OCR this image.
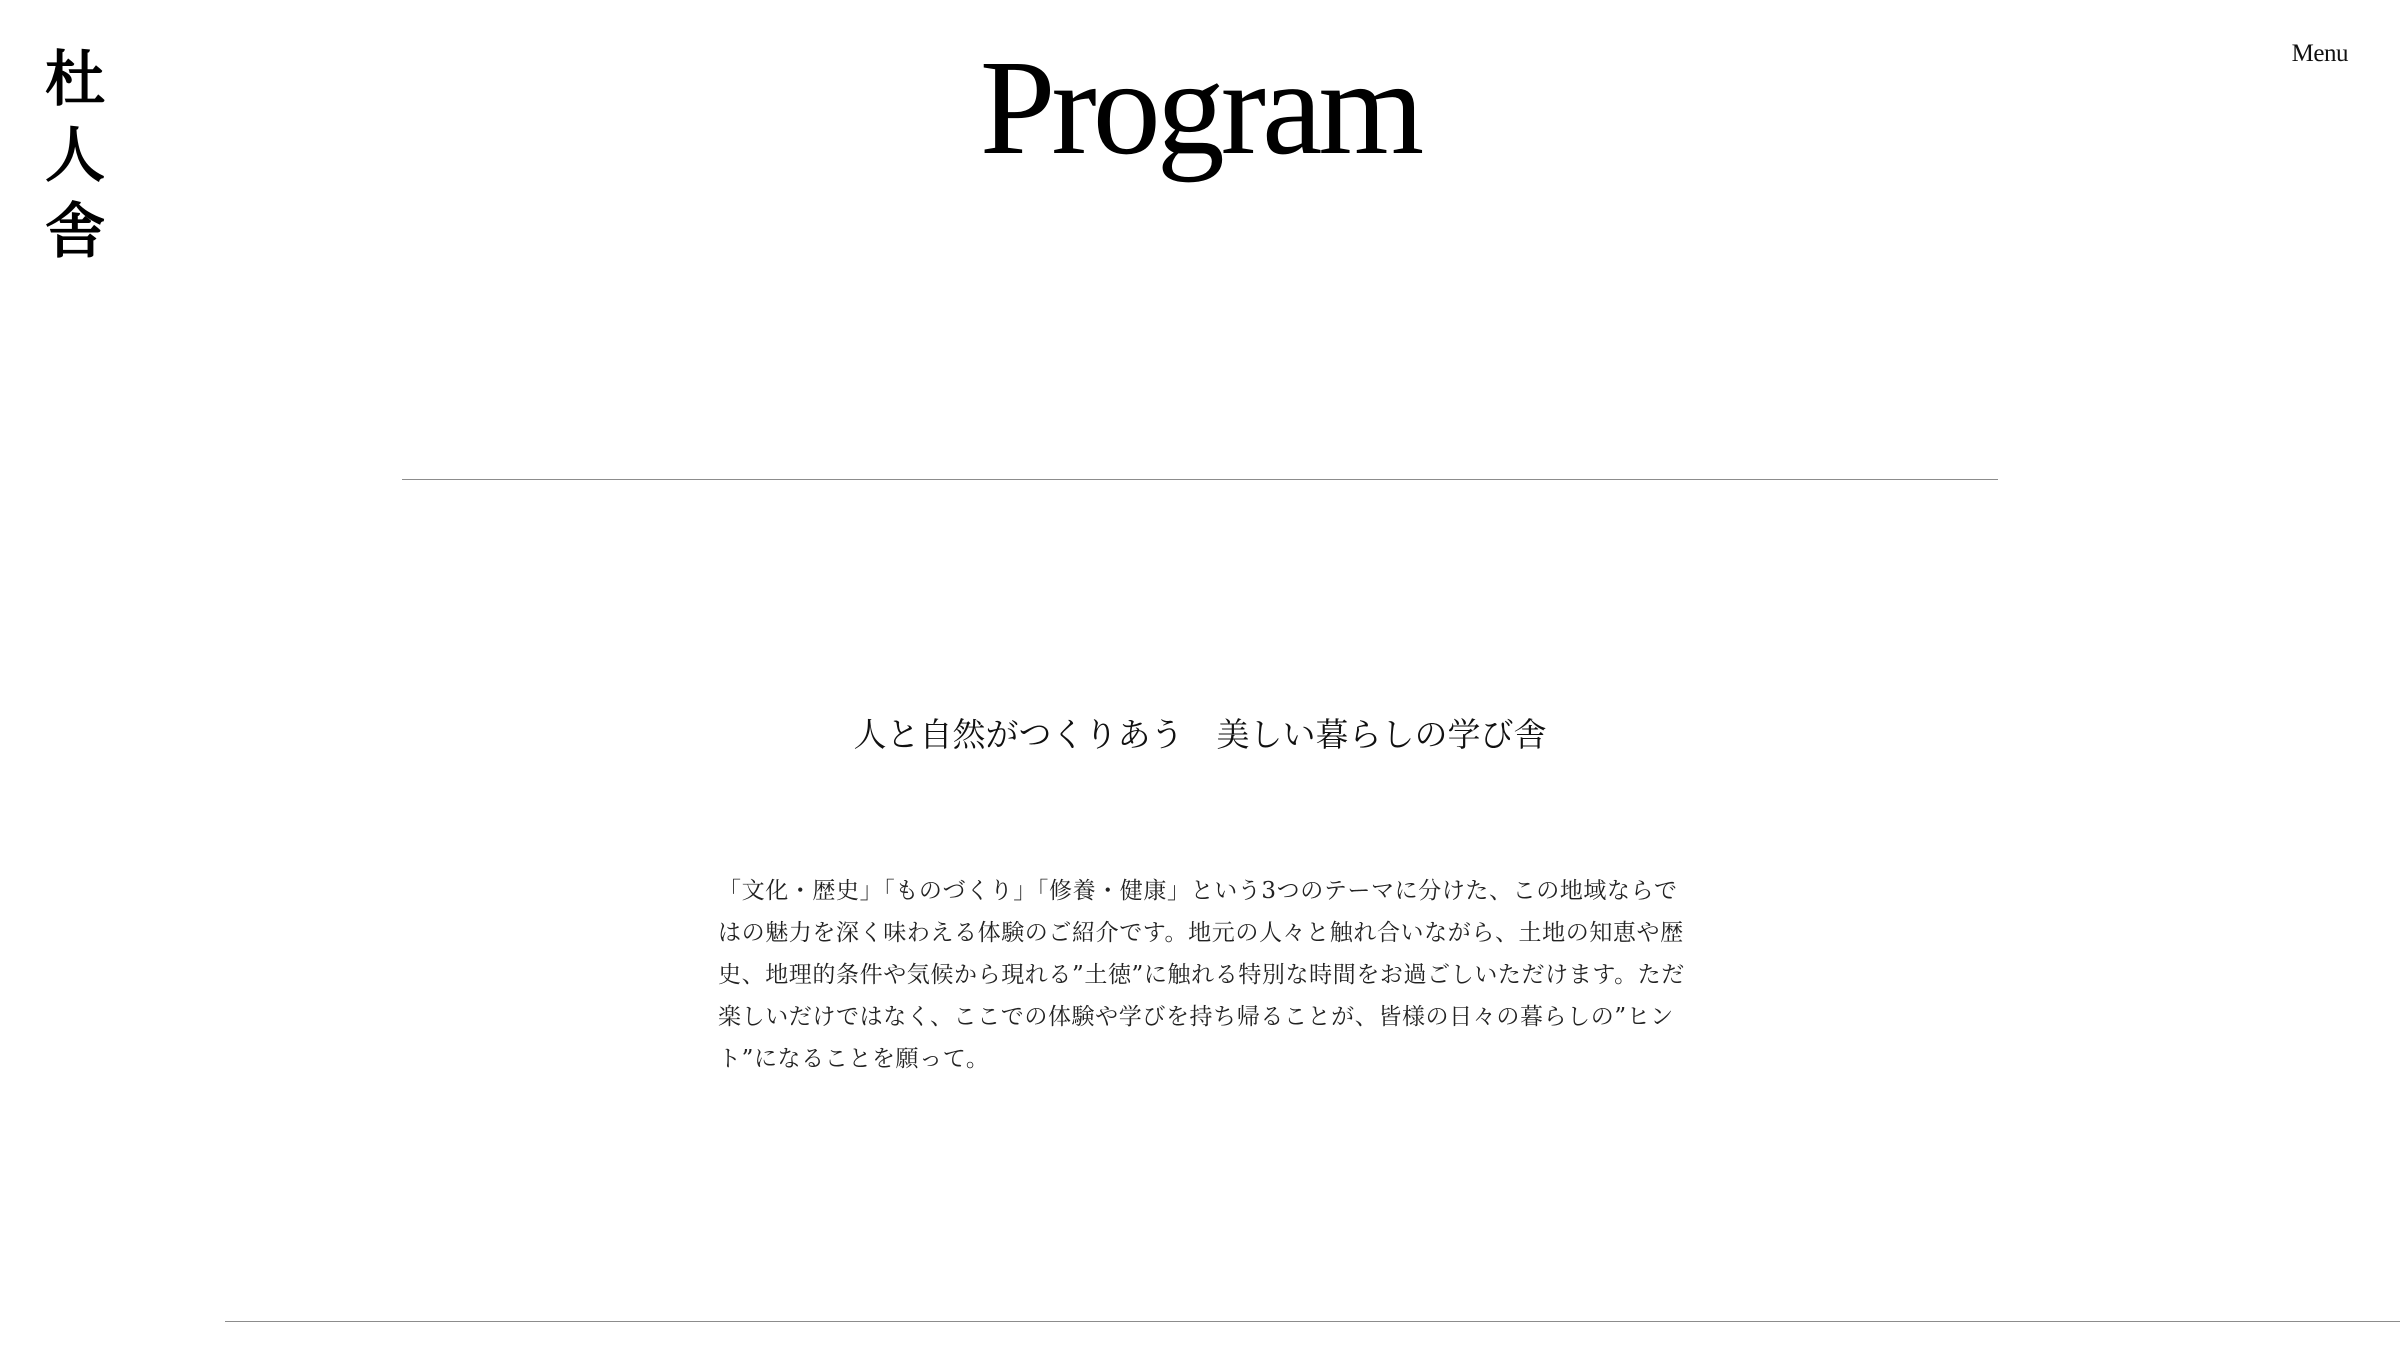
杜
人
舎
Menu
Program
人と自然がつくりあう　美しい暮らしの学び舎

「文化・歴史」「ものづくり」「修養・健康」という3つのテーマに分けた、この地域ならではの魅力を深く味わえる体験のご紹介です。地元の人々と触れ合いながら、土地の知恵や歴史、地理的条件や気候から現れる”土徳”に触れる特別な時間をお過ごしいただけます。ただ楽しいだけではなく、ここでの体験や学びを持ち帰ることが、皆様の日々の暮らしの”ヒント”になることを願って。
